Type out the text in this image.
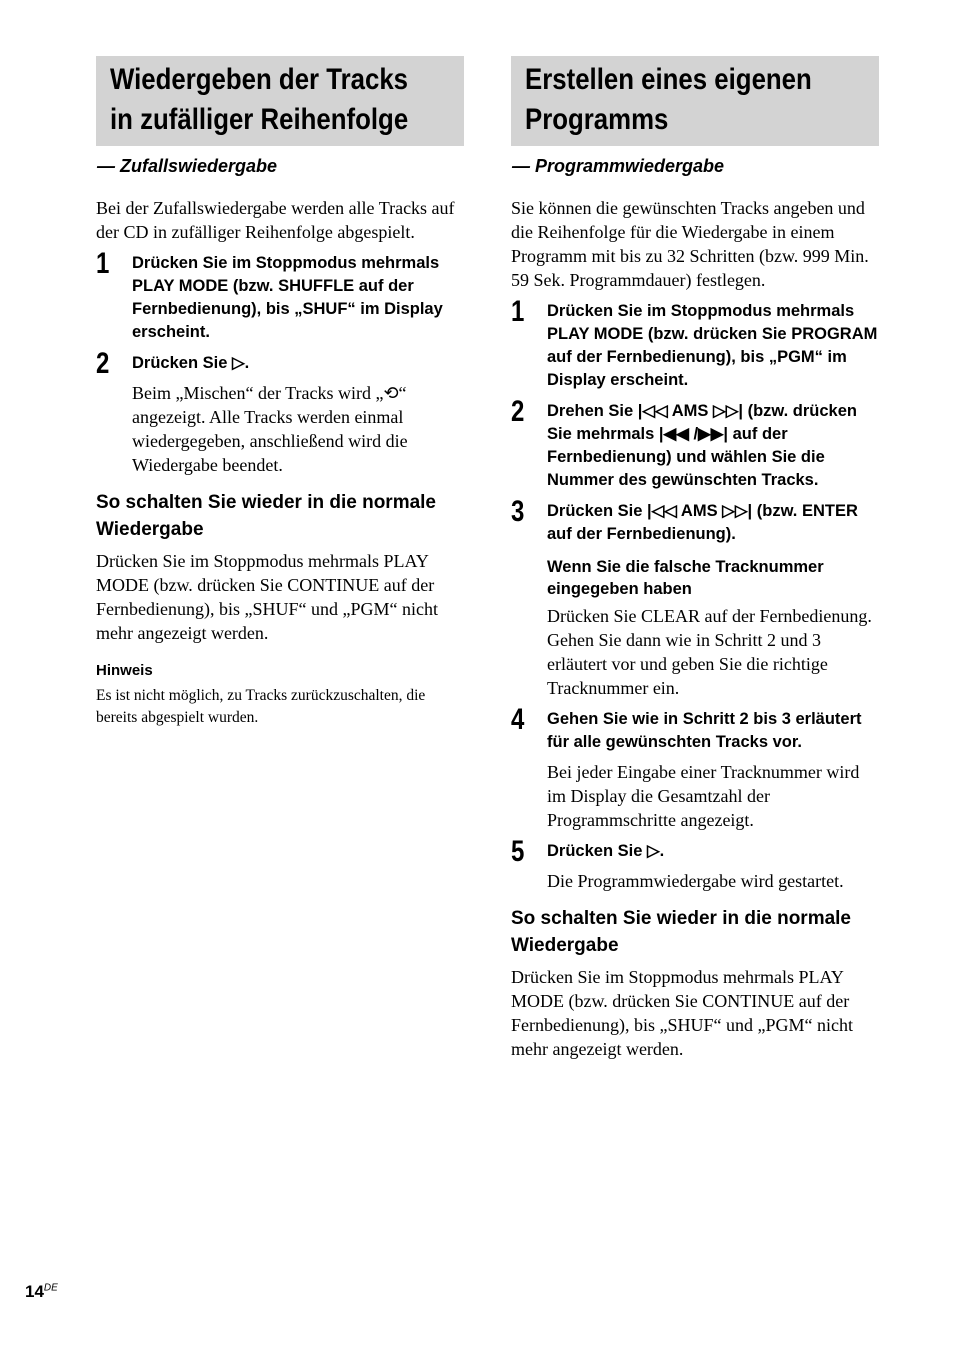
Wiedergeben der Tracks
in zufälliger Reihenfolge
— Zufallswiedergabe

Bei der Zufallswiedergabe werden alle Tracks auf der CD in zufälliger Reihenfolge abgespielt.

1 Drücken Sie im Stoppmodus mehrmals PLAY MODE (bzw. SHUFFLE auf der Fernbedienung), bis „SHUF“ im Display erscheint.

2 Drücken Sie ▷.

Beim „Mischen“ der Tracks wird „⟲“ angezeigt. Alle Tracks werden einmal wiedergegeben, anschließend wird die Wiedergabe beendet.

So schalten Sie wieder in die normale Wiedergabe

Drücken Sie im Stoppmodus mehrmals PLAY MODE (bzw. drücken Sie CONTINUE auf der Fernbedienung), bis „SHUF“ und „PGM“ nicht mehr angezeigt werden.

Hinweis

Es ist nicht möglich, zu Tracks zurückzuschalten, die bereits abgespielt wurden.

Erstellen eines eigenen
Programms
— Programmwiedergabe

Sie können die gewünschten Tracks angeben und die Reihenfolge für die Wiedergabe in einem Programm mit bis zu 32 Schritten (bzw. 999 Min. 59 Sek. Programmdauer) festlegen.

1 Drücken Sie im Stoppmodus mehrmals PLAY MODE (bzw. drücken Sie PROGRAM auf der Fernbedienung), bis „PGM“ im Display erscheint.

2 Drehen Sie |◁◁ AMS ▷▷| (bzw. drücken Sie mehrmals |◀◀ /▶▶| auf der Fernbedienung) und wählen Sie die Nummer des gewünschten Tracks.

3 Drücken Sie |◁◁ AMS ▷▷| (bzw. ENTER auf der Fernbedienung).

Wenn Sie die falsche Tracknummer eingegeben haben

Drücken Sie CLEAR auf der Fernbedienung. Gehen Sie dann wie in Schritt 2 und 3 erläutert vor und geben Sie die richtige Tracknummer ein.

4 Gehen Sie wie in Schritt 2 bis 3 erläutert für alle gewünschten Tracks vor.

Bei jeder Eingabe einer Tracknummer wird im Display die Gesamtzahl der Programmschritte angezeigt.

5 Drücken Sie ▷.

Die Programmwiedergabe wird gestartet.

So schalten Sie wieder in die normale Wiedergabe

Drücken Sie im Stoppmodus mehrmals PLAY MODE (bzw. drücken Sie CONTINUE auf der Fernbedienung), bis „SHUF“ und „PGM“ nicht mehr angezeigt werden.

14DE
